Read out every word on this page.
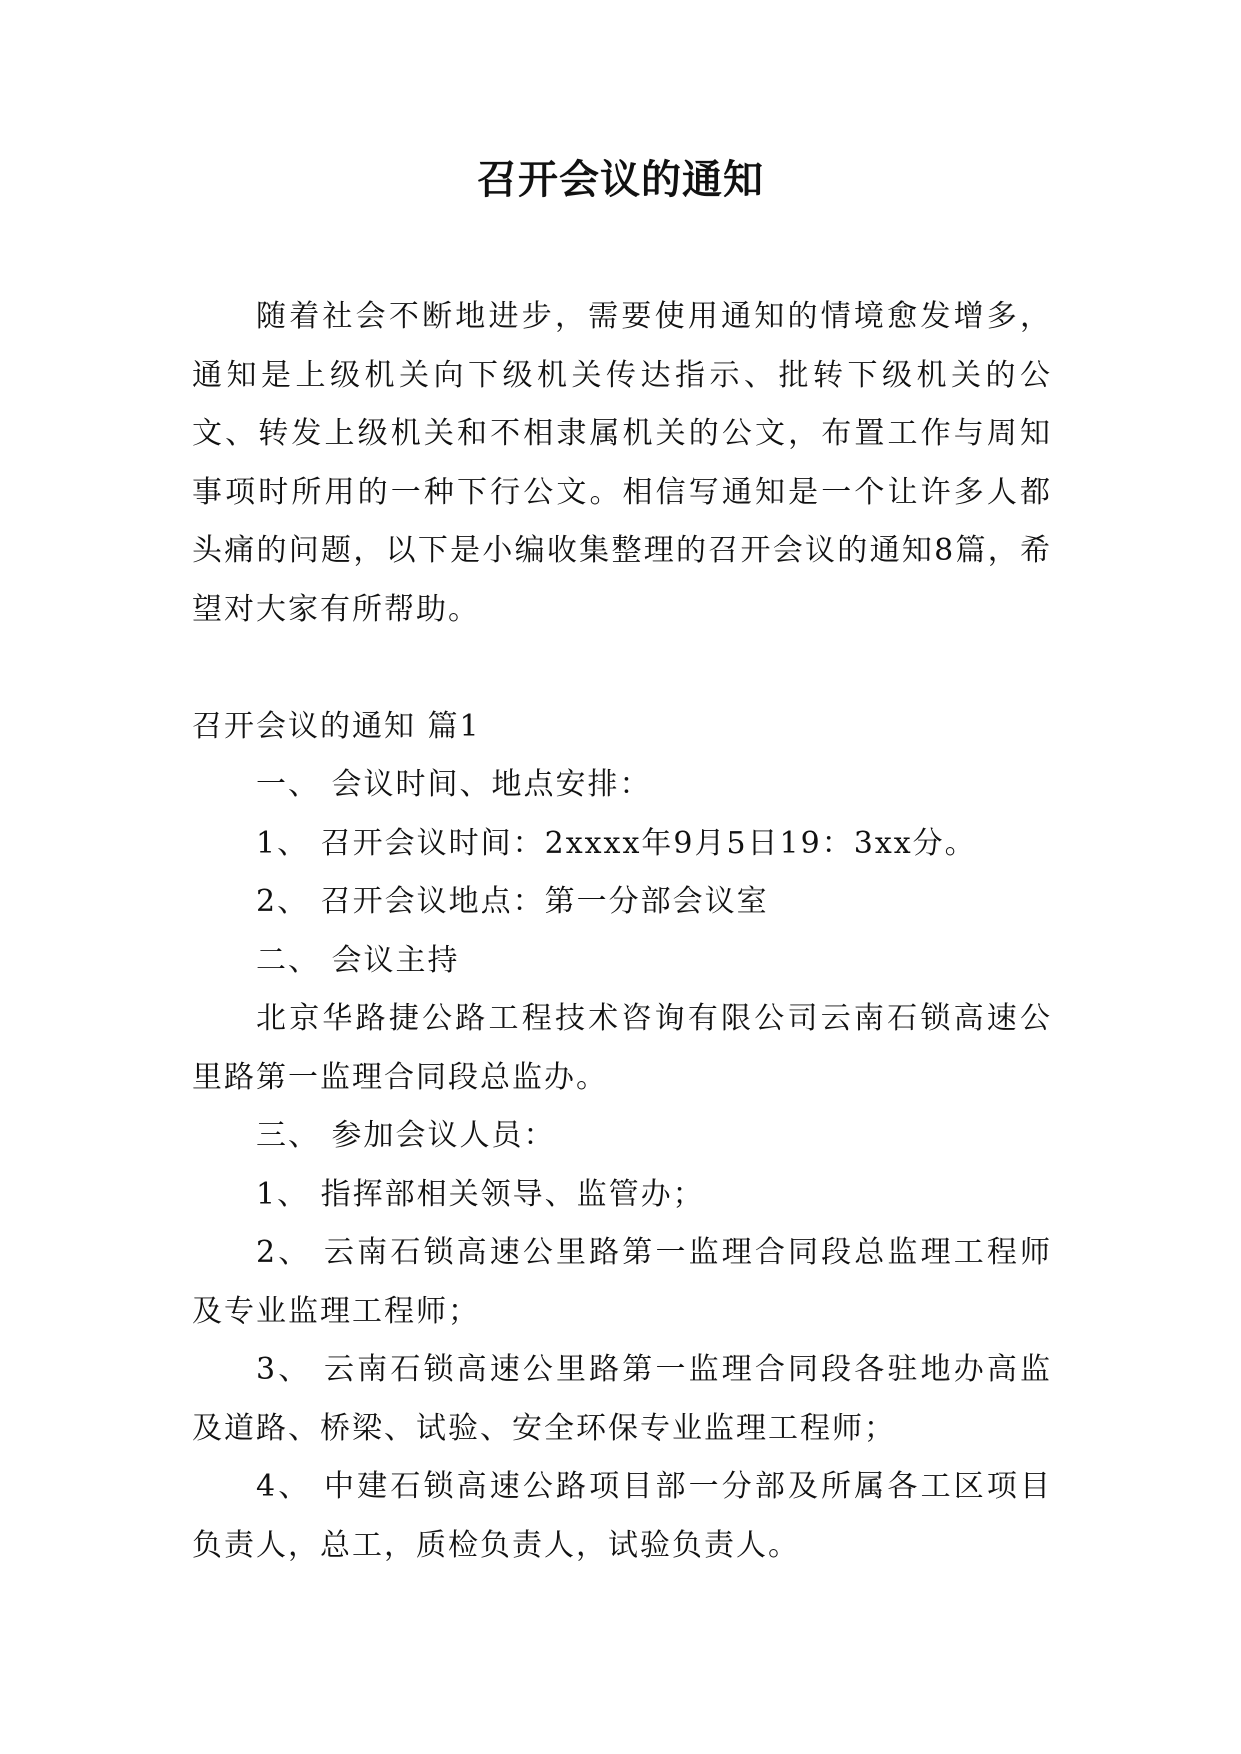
召开会议的通知

随着社会不断地进步，需要使用通知的情境愈发增多，通知是上级机关向下级机关传达指示、批转下级机关的公文、转发上级机关和不相隶属机关的公文，布置工作与周知事项时所用的一种下行公文。相信写通知是一个让许多人都头痛的问题，以下是小编收集整理的召开会议的通知8篇，希望对大家有所帮助。

召开会议的通知 篇1

一、 会议时间、地点安排：

1、 召开会议时间：2xxxx年9月5日19：3xx分。

2、 召开会议地点：第一分部会议室

二、 会议主持

北京华路捷公路工程技术咨询有限公司云南石锁高速公里路第一监理合同段总监办。

三、 参加会议人员：

1、 指挥部相关领导、监管办；

2、 云南石锁高速公里路第一监理合同段总监理工程师及专业监理工程师；

3、 云南石锁高速公里路第一监理合同段各驻地办高监及道路、桥梁、试验、安全环保专业监理工程师；

4、 中建石锁高速公路项目部一分部及所属各工区项目负责人，总工，质检负责人，试验负责人。
